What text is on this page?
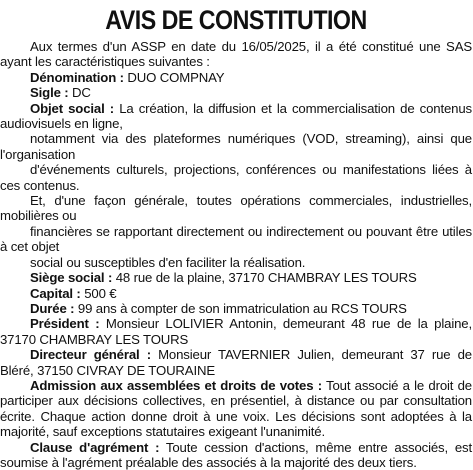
AVIS DE CONSTITUTION

Aux termes d'un ASSP en date du 16/05/2025, il a été constitué une SAS ayant les caractéristiques suivantes :

Dénomination : DUO COMPNAY

Sigle : DC

Objet social : La création, la diffusion et la commercialisation de contenus audiovisuels en ligne,

notamment via des plateformes numériques (VOD, streaming), ainsi que l'organisation

d'événements culturels, projections, conférences ou manifestations liées à ces contenus.

Et, d'une façon générale, toutes opérations commerciales, industrielles, mobilières ou

financières se rapportant directement ou indirectement ou pouvant être utiles à cet objet

social ou susceptibles d'en faciliter la réalisation.

Siège social : 48 rue de la plaine, 37170 CHAMBRAY LES TOURS

Capital : 500 €

Durée : 99 ans à compter de son immatriculation au RCS TOURS

Président : Monsieur LOLIVIER Antonin, demeurant 48 rue de la plaine, 37170 CHAMBRAY LES TOURS

Directeur général : Monsieur TAVERNIER Julien, demeurant 37 rue de Bléré, 37150 CIVRAY DE TOURAINE

Admission aux assemblées et droits de votes : Tout associé a le droit de participer aux décisions collectives, en présentiel, à distance ou par consultation écrite. Chaque action donne droit à une voix. Les décisions sont adoptées à la majorité, sauf exceptions statutaires exigeant l'unanimité.

Clause d'agrément : Toute cession d'actions, même entre associés, est soumise à l'agrément préalable des associés à la majorité des deux tiers.
